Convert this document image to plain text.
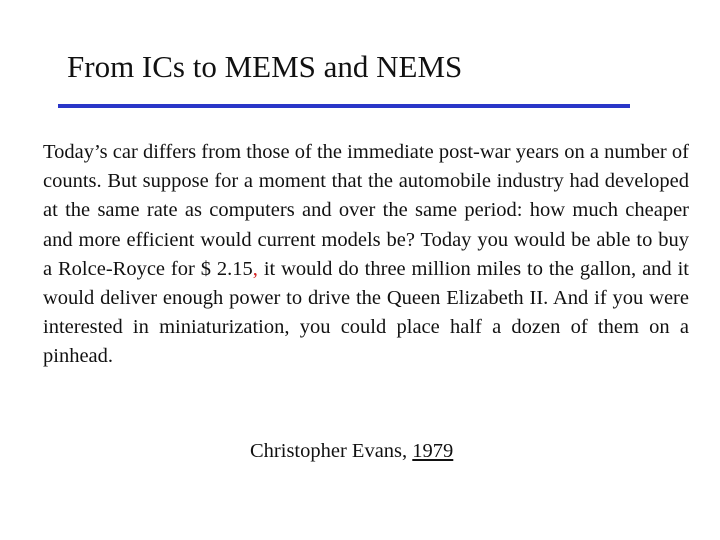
From ICs to MEMS and NEMS
Today’s car differs from those of the immediate post-war years on a number of counts. But suppose for a moment that the automobile industry had developed at the same rate as computers and over the same period: how much cheaper and more efficient would current models be? Today you would be able to buy a Rolce-Royce for $ 2.15, it would do three million miles to the gallon, and it would deliver enough power to drive the Queen Elizabeth II. And if you were interested in miniaturization, you could place half a dozen of them on a pinhead.
Christopher Evans, 1979
